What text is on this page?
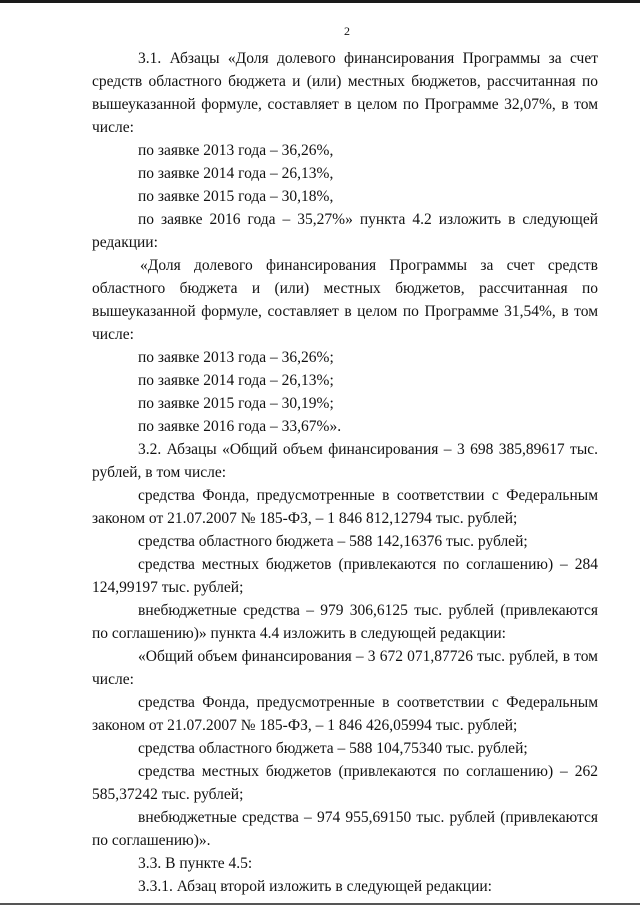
2

3.1. Абзацы «Доля долевого финансирования Программы за счет средств областного бюджета и (или) местных бюджетов, рассчитанная по вышеуказанной формуле, составляет в целом по Программе 32,07%, в том числе:

по заявке 2013 года – 36,26%,

по заявке 2014 года – 26,13%,

по заявке 2015 года – 30,18%,

по заявке 2016 года – 35,27%» пункта 4.2 изложить в следующей редакции:

«Доля долевого финансирования Программы за счет средств областного бюджета и (или) местных бюджетов, рассчитанная по вышеуказанной формуле, составляет в целом по Программе 31,54%, в том числе:

по заявке 2013 года – 36,26%;

по заявке 2014 года – 26,13%;

по заявке 2015 года – 30,19%;

по заявке 2016 года – 33,67%».

3.2. Абзацы «Общий объем финансирования – 3 698 385,89617 тыс. рублей, в том числе:

средства Фонда, предусмотренные в соответствии с Федеральным законом от 21.07.2007 № 185-ФЗ, – 1 846 812,12794 тыс. рублей;

средства областного бюджета – 588 142,16376 тыс. рублей;

средства местных бюджетов (привлекаются по соглашению) – 284 124,99197 тыс. рублей;

внебюджетные средства – 979 306,6125 тыс. рублей (привлекаются по соглашению)» пункта 4.4 изложить в следующей редакции:

«Общий объем финансирования – 3 672 071,87726 тыс. рублей, в том числе:

средства Фонда, предусмотренные в соответствии с Федеральным законом от 21.07.2007 № 185-ФЗ, – 1 846 426,05994 тыс. рублей;

средства областного бюджета – 588 104,75340 тыс. рублей;

средства местных бюджетов (привлекаются по соглашению) – 262 585,37242 тыс. рублей;

внебюджетные средства – 974 955,69150 тыс. рублей (привлекаются по соглашению)».

3.3. В пункте 4.5:

3.3.1. Абзац второй изложить в следующей редакции:
